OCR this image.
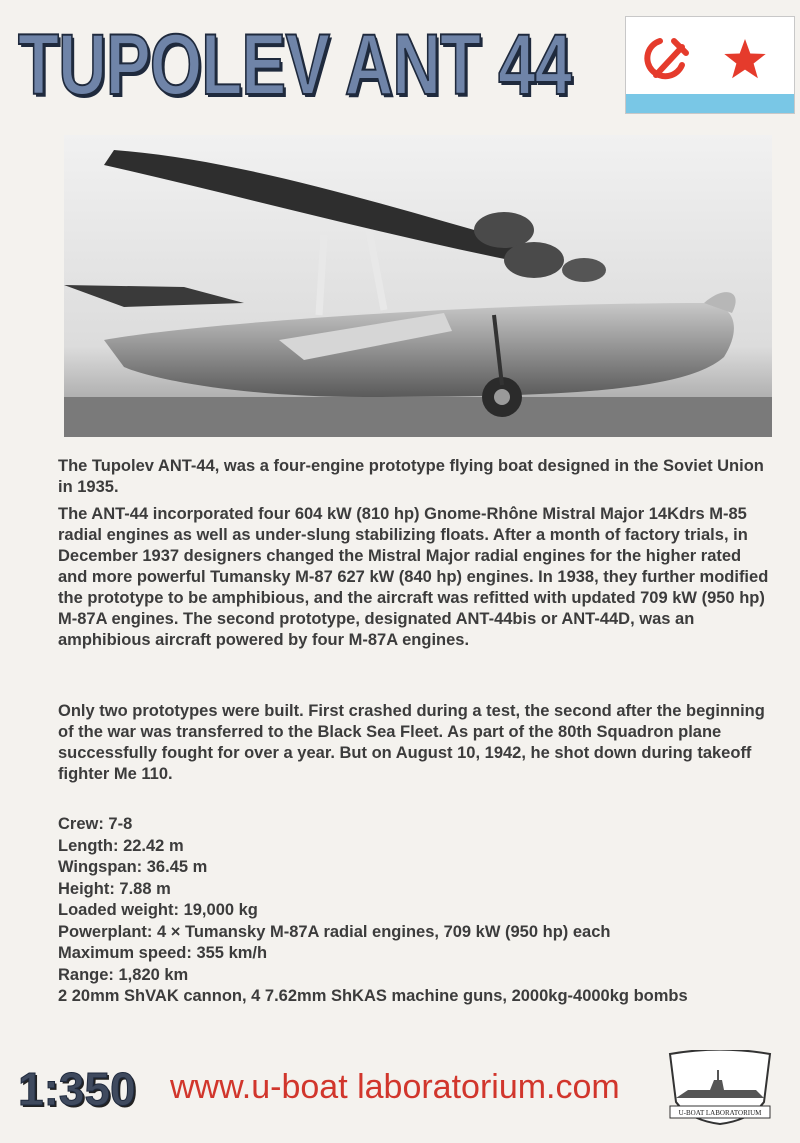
TUPOLEV ANT 44
The Tupolev ANT-44, was a four-engine prototype flying boat designed in the Soviet Union in 1935.
The ANT-44 incorporated four 604 kW (810 hp) Gnome-Rhône Mistral Major 14Kdrs M-85 radial engines as well as under-slung stabilizing floats. After a month of factory trials, in December 1937 designers changed the Mistral Major radial engines for the higher rated and more powerful Tumansky M-87 627 kW (840 hp) engines. In 1938, they further modified the prototype to be amphibious, and the aircraft was refitted with updated 709 kW (950 hp) M-87A engines. The second prototype, designated ANT-44bis or ANT-44D, was an amphibious aircraft powered by four M-87A engines.
Only two prototypes were built. First crashed during a test, the second after the beginning of the war was transferred to the Black Sea Fleet. As part of the 80th Squadron plane successfully fought for over a year. But on August 10, 1942, he shot down during takeoff fighter Me 110.
Crew: 7-8
Length: 22.42 m
Wingspan: 36.45 m
Height: 7.88 m
Loaded weight: 19,000 kg
Powerplant: 4 × Tumansky M-87A radial engines, 709 kW (950 hp) each
Maximum speed: 355 km/h
Range: 1,820 km
2 20mm ShVAK cannon, 4 7.62mm ShKAS machine guns, 2000kg-4000kg bombs
1:350 www.u-boat laboratorium.com
U-BOAT LABORATORIUM
